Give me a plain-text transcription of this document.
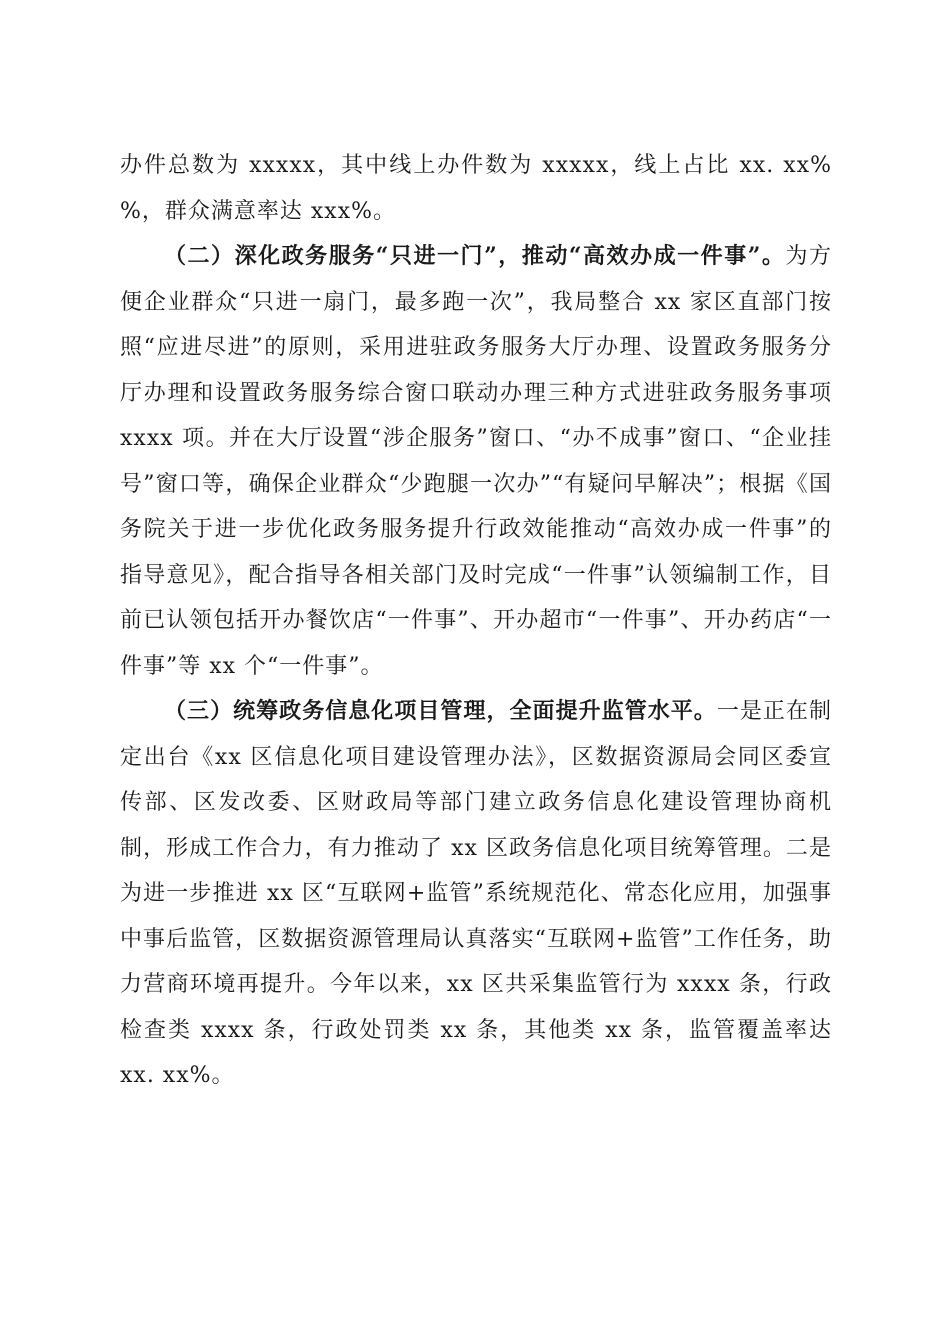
办件总数为 xxxxx，其中线上办件数为 xxxxx，线上占比 xx. xx% %，群众满意率达 xxx%。

（二）深化政务服务“只进一门”，推动“高效办成一件事”。为方便企业群众“只进一扇门，最多跑一次”，我局整合 xx 家区直部门按照“应进尽进”的原则，采用进驻政务服务大厅办理、设置政务服务分厅办理和设置政务服务综合窗口联动办理三种方式进驻政务服务事项 xxxx 项。并在大厅设置“涉企服务”窗口、“办不成事”窗口、“企业挂号”窗口等，确保企业群众“少跑腿一次办”“有疑问早解决”；根据《国务院关于进一步优化政务服务提升行政效能推动“高效办成一件事”的指导意见》，配合指导各相关部门及时完成“一件事”认领编制工作，目前已认领包括开办餐饮店“一件事”、开办超市“一件事”、开办药店“一件事”等 xx 个“一件事”。

（三）统筹政务信息化项目管理，全面提升监管水平。一是正在制定出台《xx 区信息化项目建设管理办法》，区数据资源局会同区委宣传部、区发改委、区财政局等部门建立政务信息化建设管理协商机制，形成工作合力，有力推动了 xx 区政务信息化项目统筹管理。二是为进一步推进 xx 区“互联网+监管”系统规范化、常态化应用，加强事中事后监管，区数据资源管理局认真落实“互联网+监管”工作任务，助力营商环境再提升。今年以来，xx 区共采集监管行为 xxxx 条，行政检查类 xxxx 条，行政处罚类 xx 条，其他类 xx 条，监管覆盖率达 xx. xx%。
